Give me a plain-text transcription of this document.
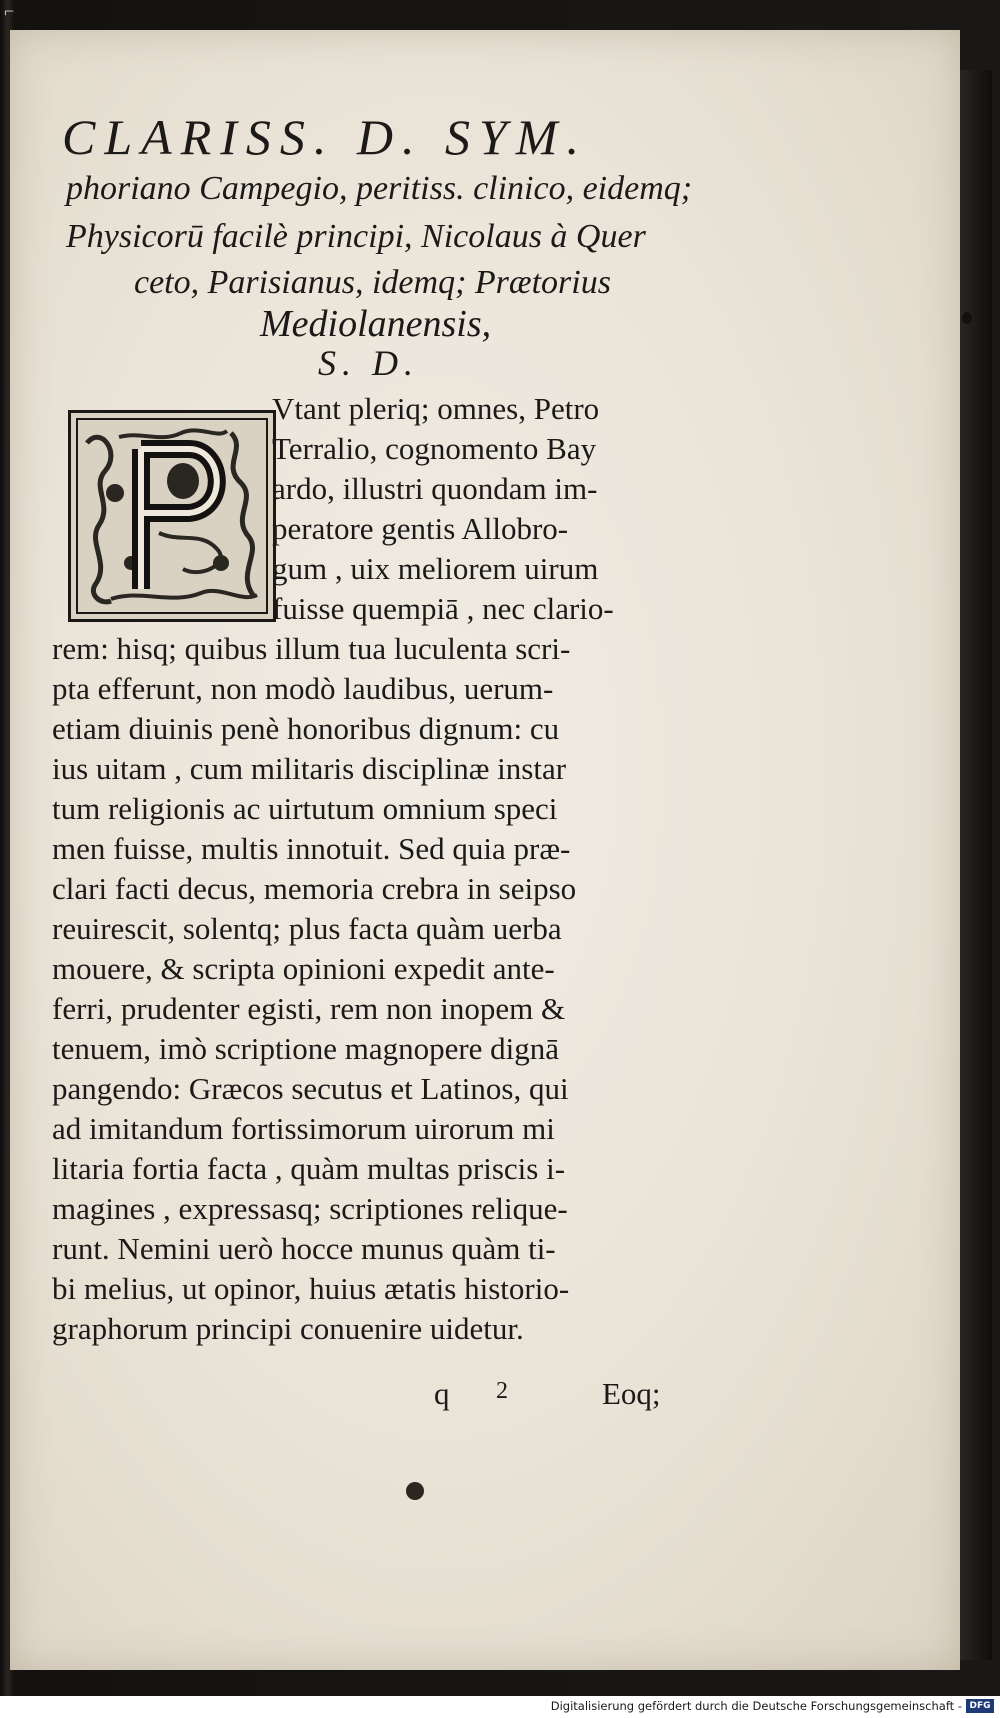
⌐
CLARISS. D. SYM.
phoriano Campegio, peritiss. clinico, eidemq;
Physicorū facilè principi, Nicolaus à Quer
ceto, Parisianus, idemq; Prætorius
Mediolanensis,
S. D.
Vtant pleriq; omnes, Petro
Terralio, cognomento Bay
ardo, illustri quondam im-
peratore gentis Allobro-
gum , uix meliorem uirum
fuisse quempiā , nec clario-
rem: hisq; quibus illum tua luculenta scri-
pta efferunt, non modò laudibus, uerum-
etiam diuinis penè honoribus dignum: cu
ius uitam , cum militaris disciplinæ instar
tum religionis ac uirtutum omnium speci
men fuisse, multis innotuit. Sed quia præ-
clari facti decus, memoria crebra in seipso
reuirescit, solentq; plus facta quàm uerba
mouere, & scripta opinioni expedit ante-
ferri, prudenter egisti, rem non inopem &
tenuem, imò scriptione magnopere dignā
pangendo: Græcos secutus et Latinos, qui
ad imitandum fortissimorum uirorum mi
litaria fortia facta , quàm multas priscis i-
magines , expressasq; scriptiones relique-
runt. Nemini uerò hocce munus quàm ti-
bi melius, ut opinor, huius ætatis historio-
graphorum principi conuenire uidetur.
q 2	Eoq;
Digitalisierung gefördert durch die Deutsche Forschungsgemeinschaft - DFG
